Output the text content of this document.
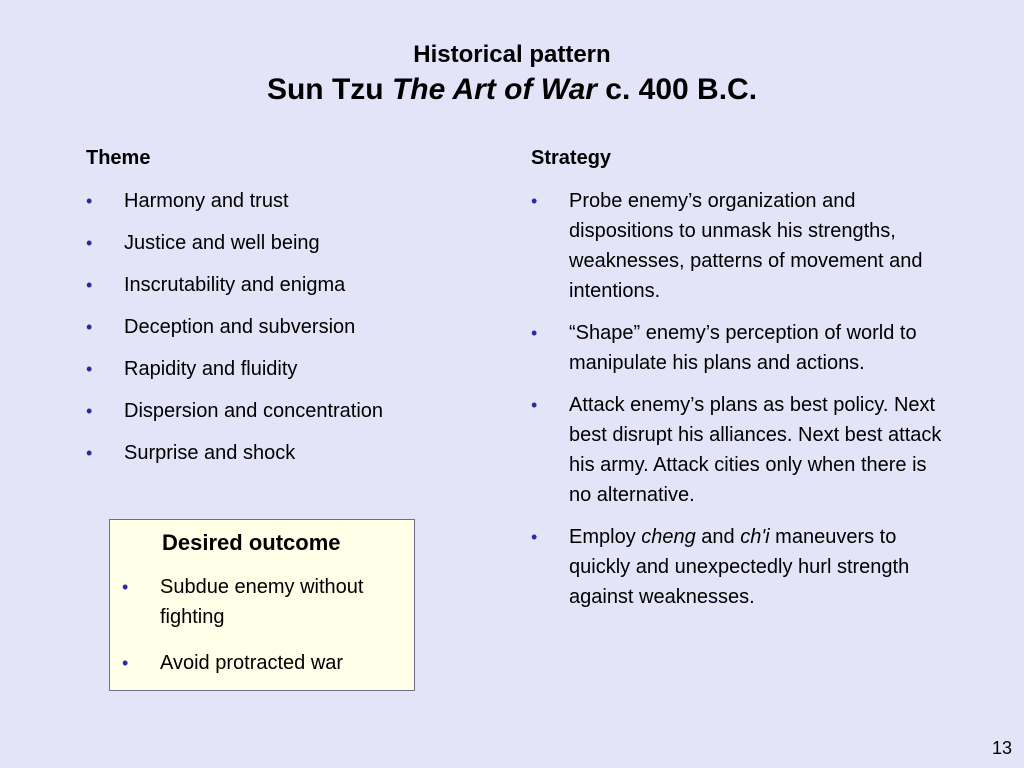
Historical pattern
Sun Tzu The Art of War c. 400 B.C.
Theme
• Harmony and trust
• Justice and well being
• Inscrutability and enigma
• Deception and subversion
• Rapidity and fluidity
• Dispersion and concentration
• Surprise and shock
Strategy
• Probe enemy’s organization and dispositions to unmask his strengths, weaknesses, patterns of movement and intentions.
• “Shape” enemy’s perception of world to manipulate his plans and actions.
• Attack enemy’s plans as best policy. Next best disrupt his alliances. Next best attack his army. Attack cities only when there is no alternative.
• Employ cheng and ch'i maneuvers to quickly and unexpectedly hurl strength against weaknesses.
Desired outcome
• Subdue enemy without fighting
• Avoid protracted war
13
